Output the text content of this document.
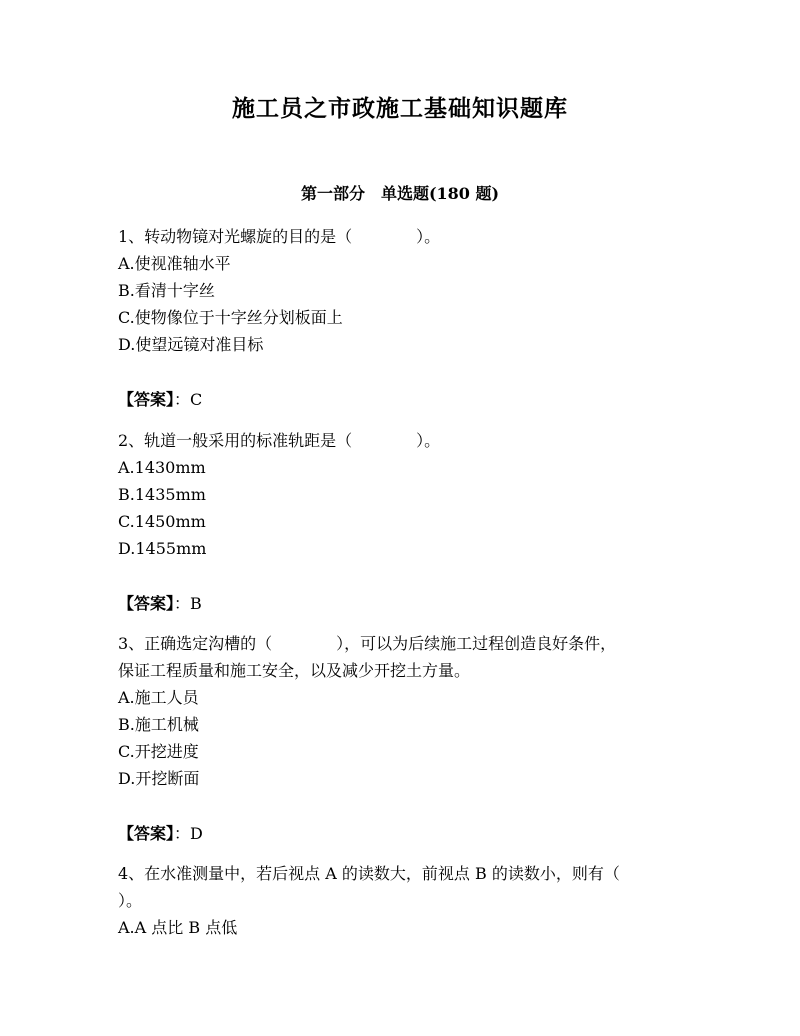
施工员之市政施工基础知识题库
第一部分　单选题(180 题)
1、转动物镜对光螺旋的目的是（　　　　）。
A.使视准轴水平
B.看清十字丝
C.使物像位于十字丝分划板面上
D.使望远镜对准目标
【答案】：C
2、轨道一般采用的标准轨距是（　　　　）。
A.1430mm
B.1435mm
C.1450mm
D.1455mm
【答案】：B
3、正确选定沟槽的（　　　　），可以为后续施工过程创造良好条件，
保证工程质量和施工安全，以及减少开挖土方量。
A.施工人员
B.施工机械
C.开挖进度
D.开挖断面
【答案】：D
4、在水准测量中，若后视点 A 的读数大，前视点 B 的读数小，则有（
）。
A.A 点比 B 点低
